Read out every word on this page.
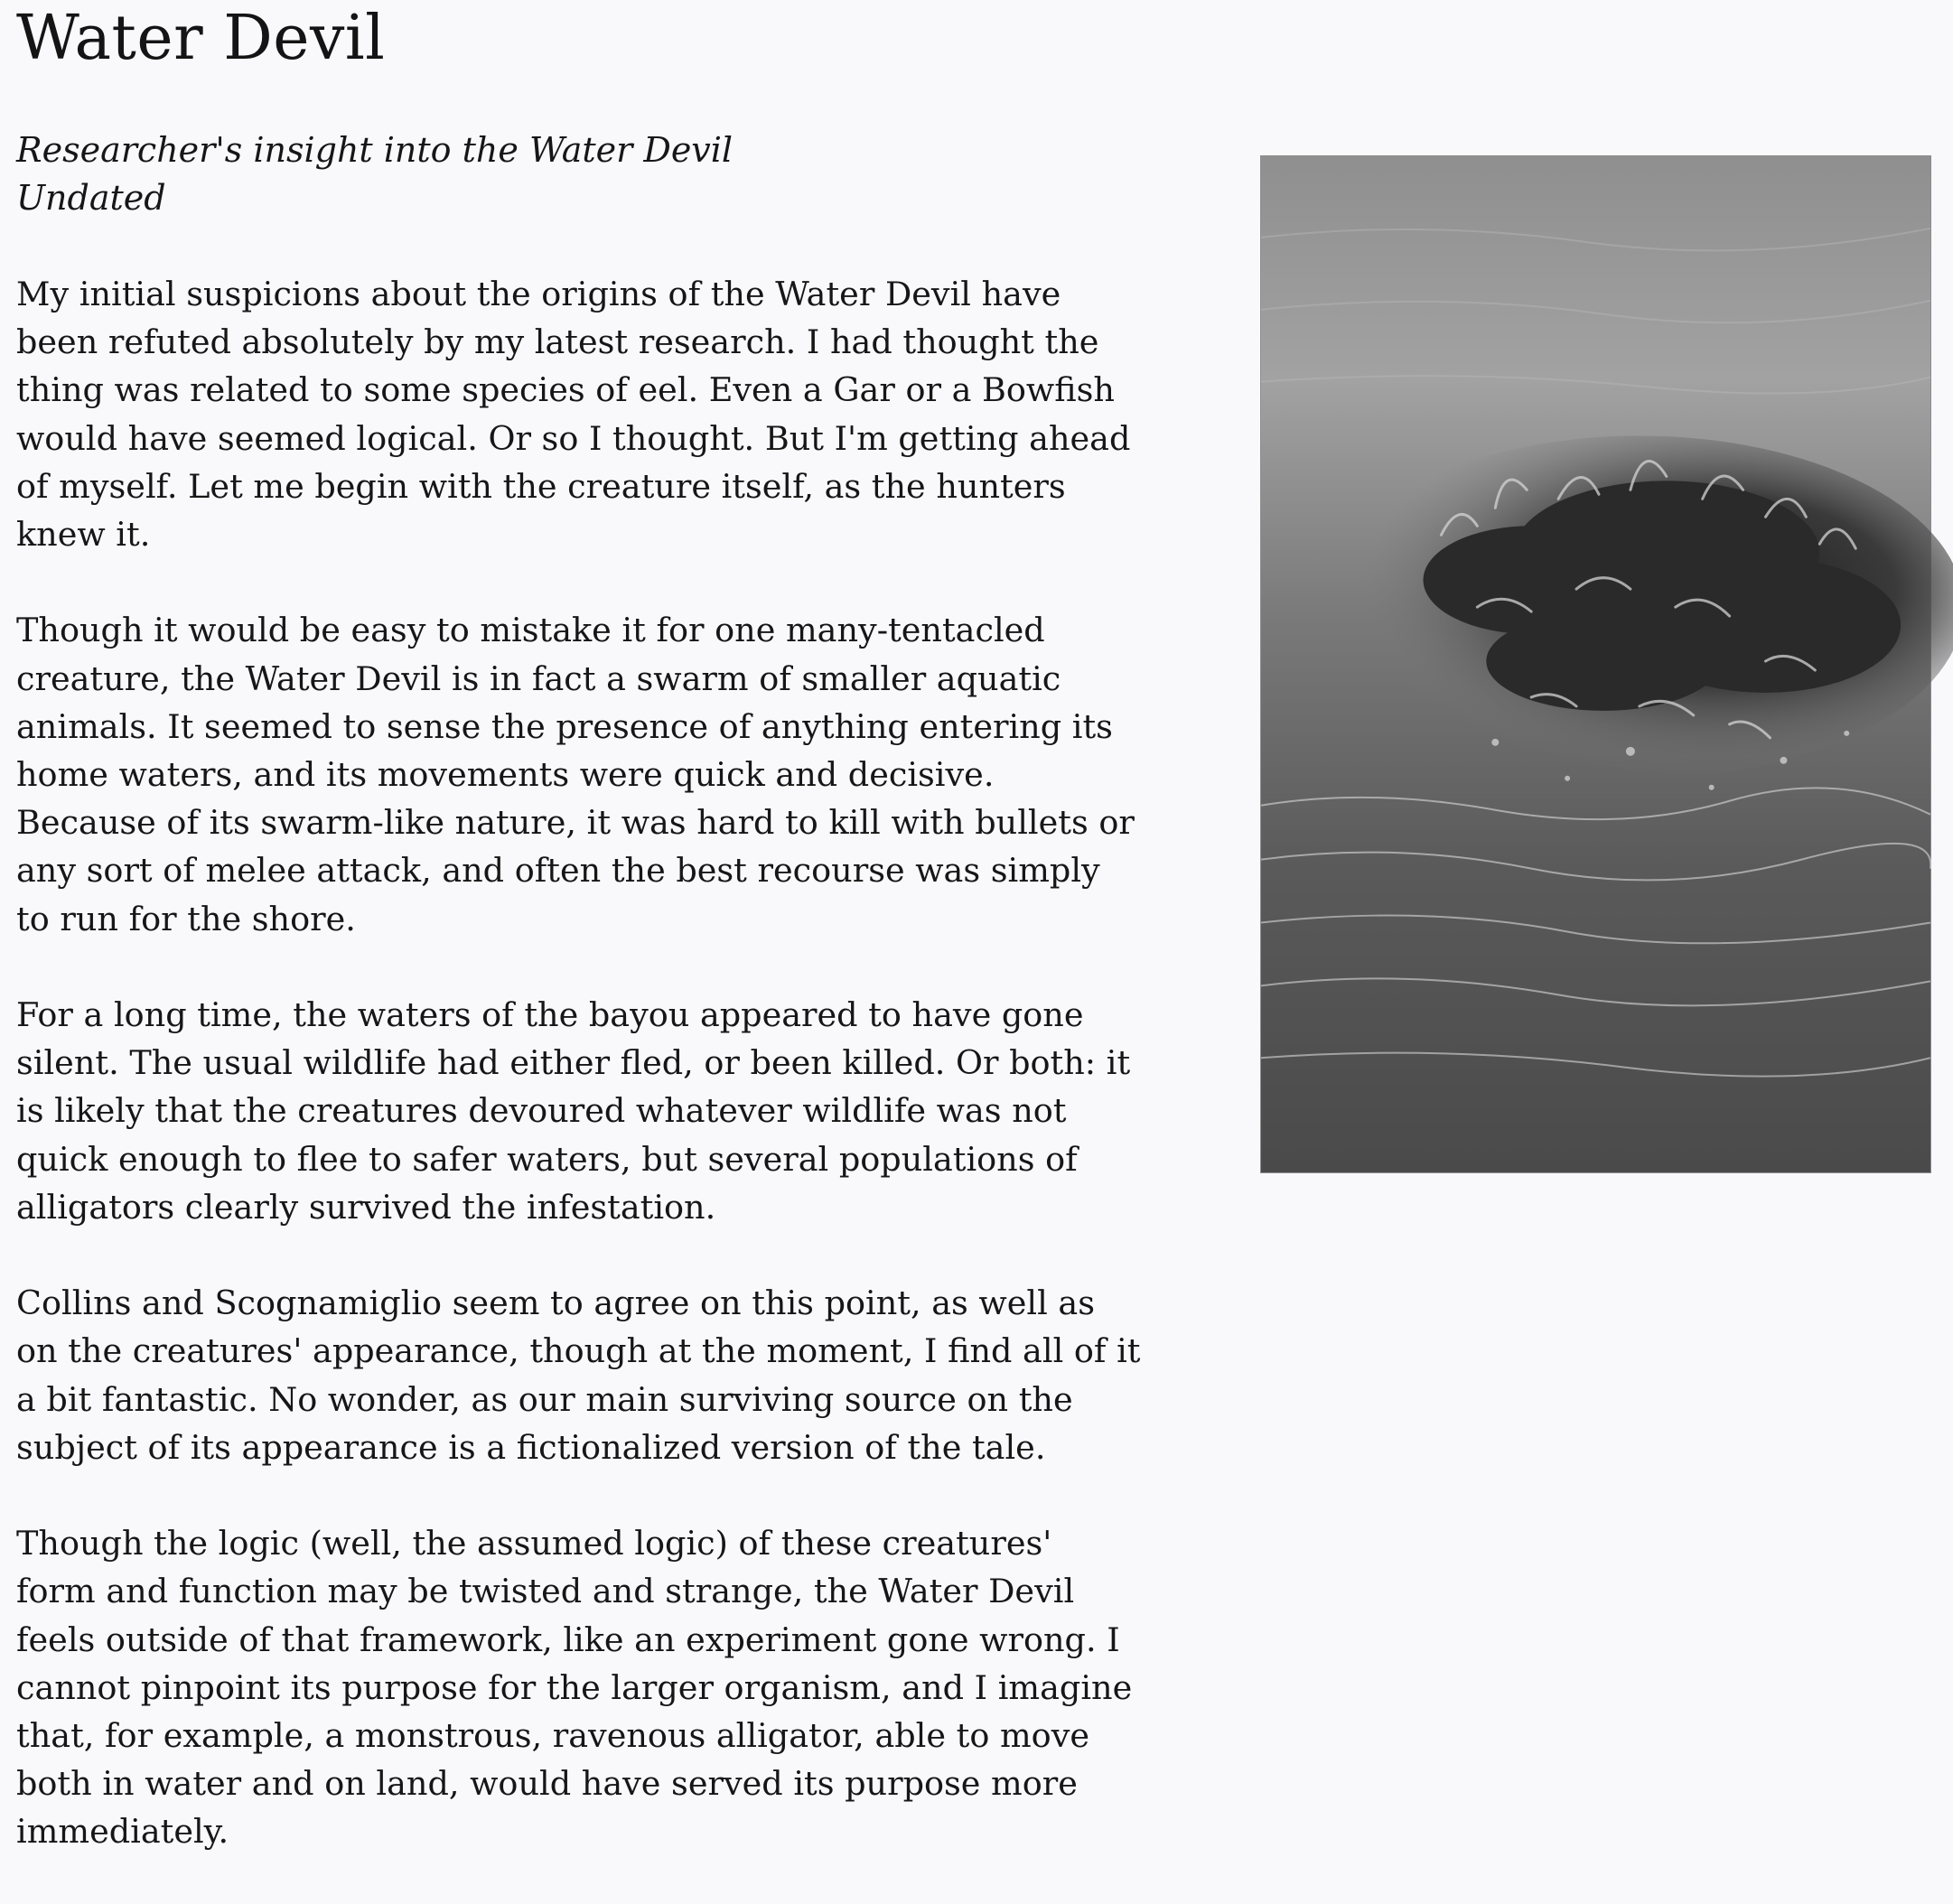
Water Devil

Researcher's insight into the Water Devil
Undated

My initial suspicions about the origins of the Water Devil have been refuted absolutely by my latest research. I had thought the thing was related to some species of eel. Even a Gar or a Bowfish would have seemed logical. Or so I thought. But I'm getting ahead of myself. Let me begin with the creature itself, as the hunters knew it.

Though it would be easy to mistake it for one many-tentacled creature, the Water Devil is in fact a swarm of smaller aquatic animals. It seemed to sense the presence of anything entering its home waters, and its movements were quick and decisive. Because of its swarm-like nature, it was hard to kill with bullets or any sort of melee attack, and often the best recourse was simply to run for the shore.

For a long time, the waters of the bayou appeared to have gone silent. The usual wildlife had either fled, or been killed. Or both: it is likely that the creatures devoured whatever wildlife was not quick enough to flee to safer waters, but several populations of alligators clearly survived the infestation.

Collins and Scognamiglio seem to agree on this point, as well as on the creatures' appearance, though at the moment, I find all of it a bit fantastic. No wonder, as our main surviving source on the subject of its appearance is a fictionalized version of the tale.

Though the logic (well, the assumed logic) of these creatures' form and function may be twisted and strange, the Water Devil feels outside of that framework, like an experiment gone wrong. I cannot pinpoint its purpose for the larger organism, and I imagine that, for example, a monstrous, ravenous alligator, able to move both in water and on land, would have served its purpose more immediately.
